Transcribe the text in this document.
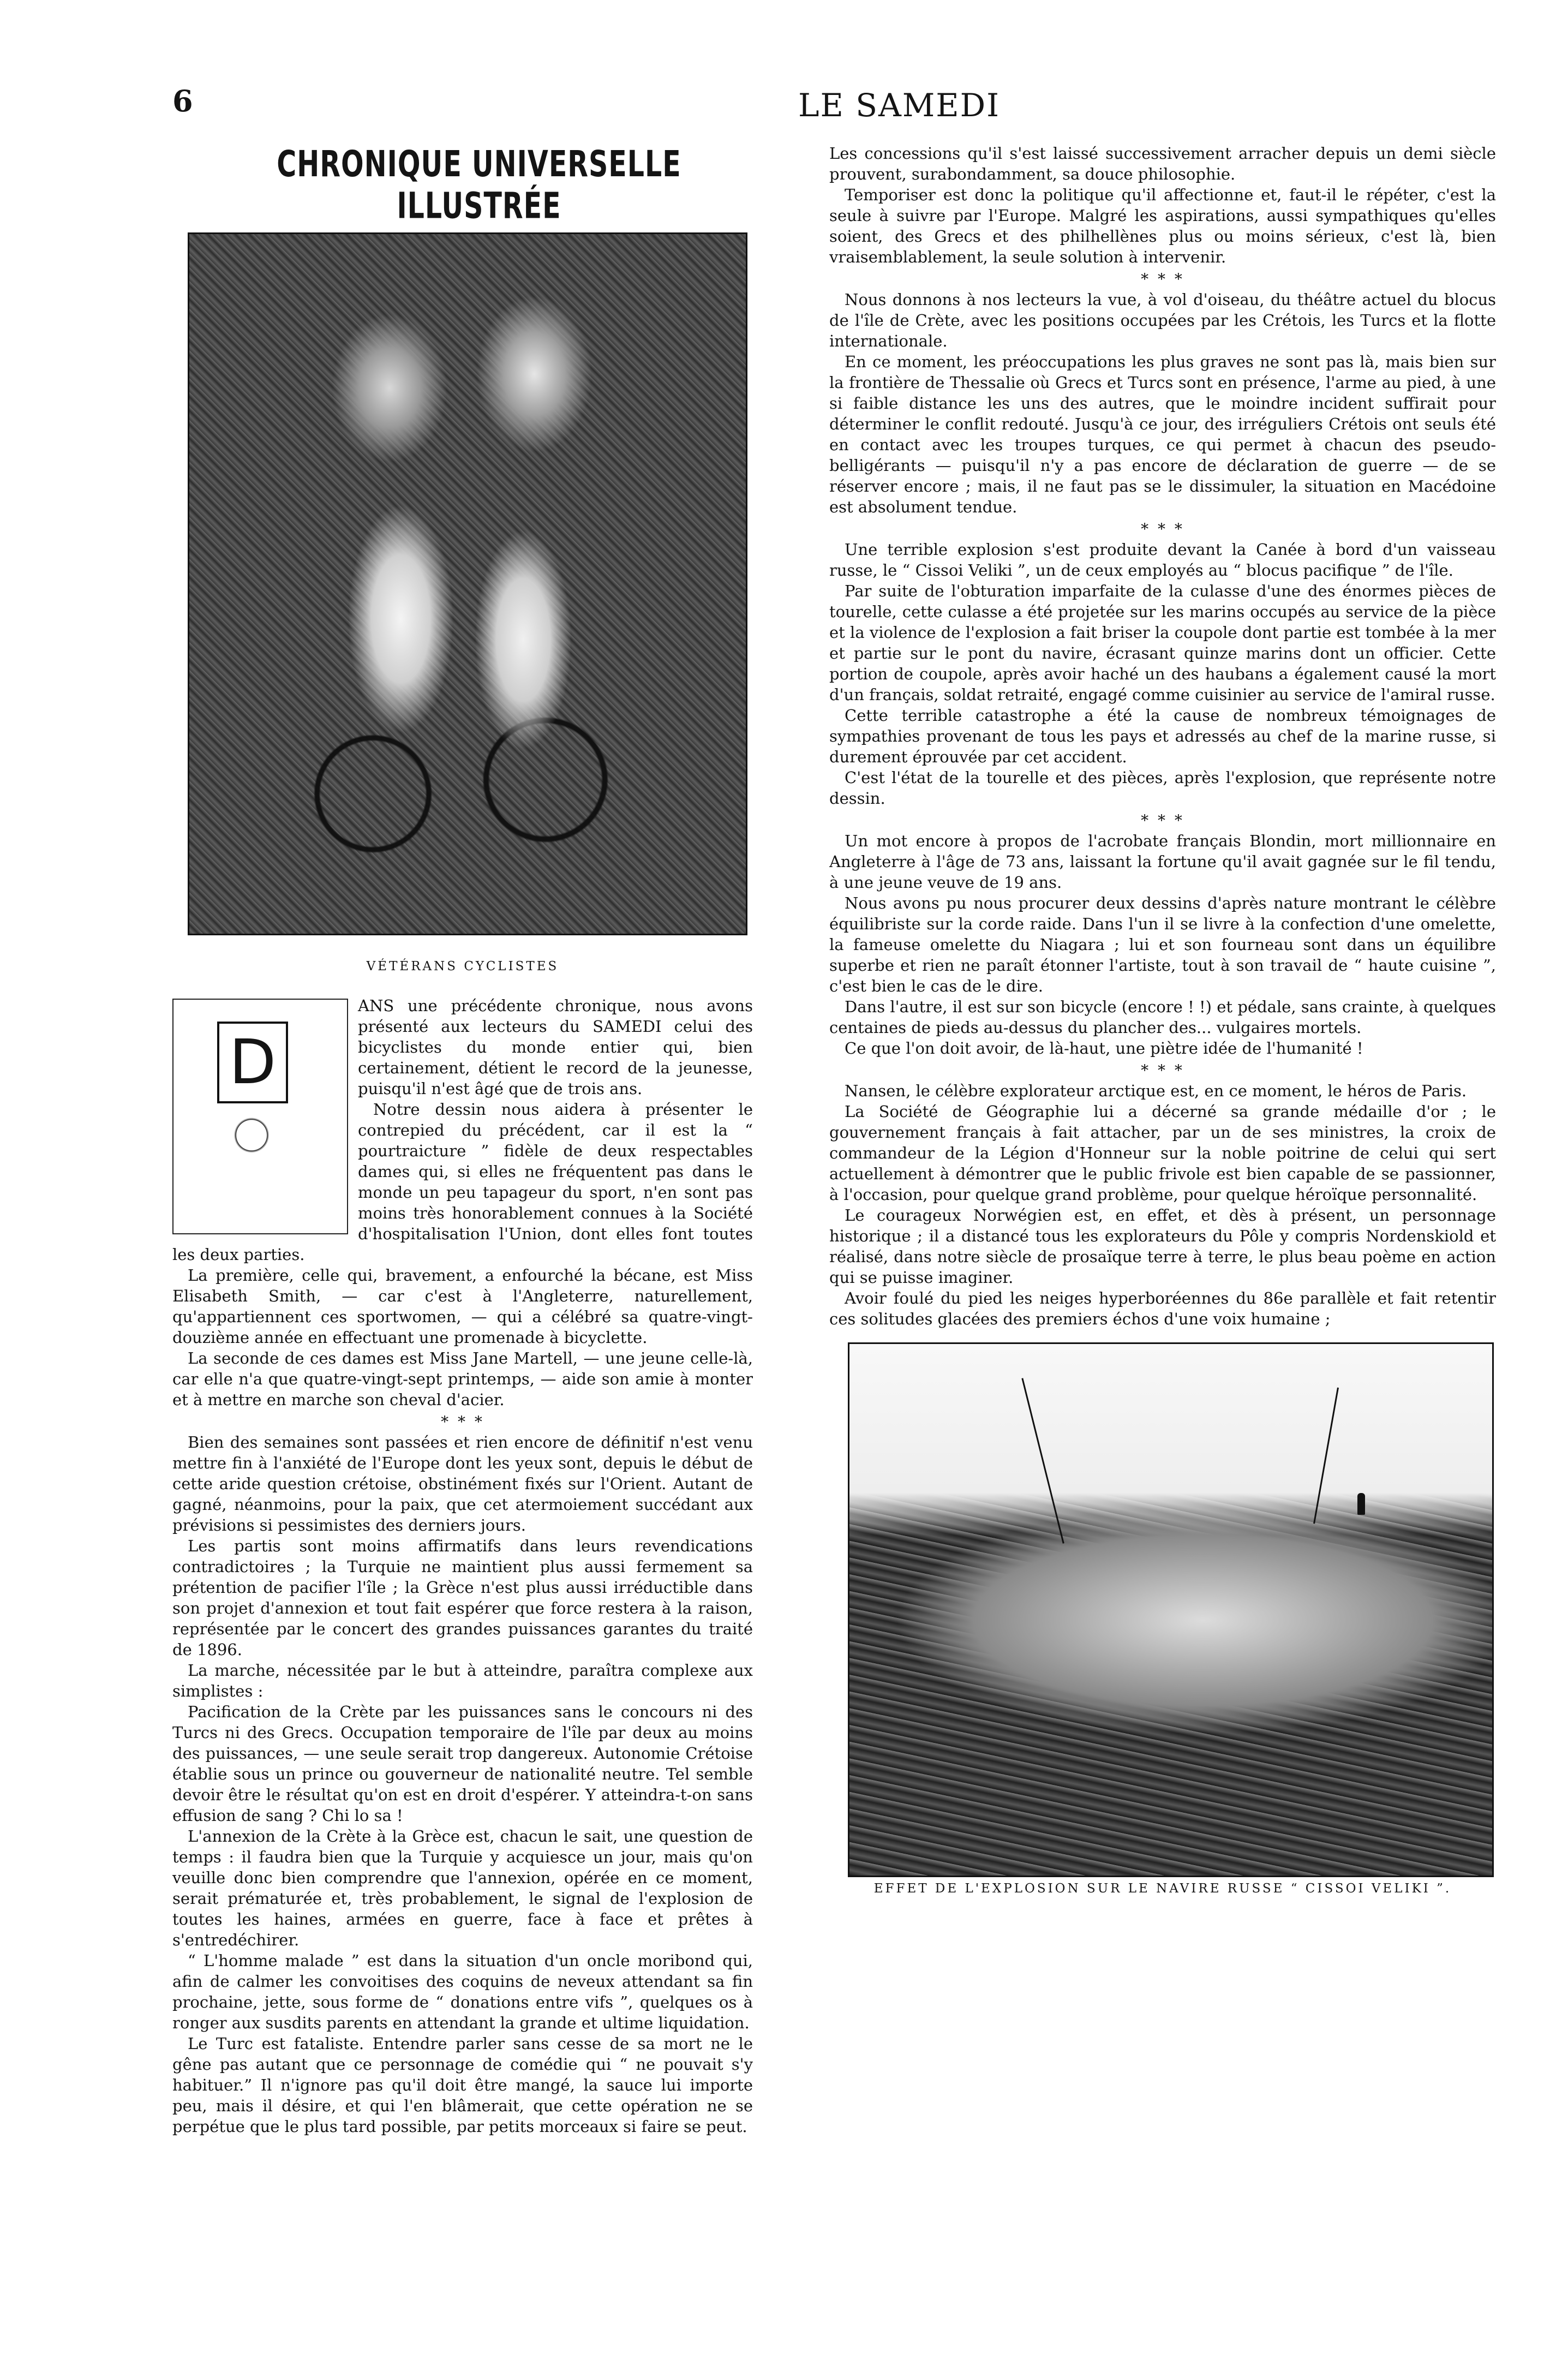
6	LE SAMEDI
CHRONIQUE UNIVERSELLE ILLUSTRÉE
VÉTÉRANS CYCLISTES
D

ANS une précédente chronique, nous avons présenté aux lecteurs du SAMEDI celui des bicyclistes du monde entier qui, bien certainement, détient le record de la jeunesse, puisqu'il n'est âgé que de trois ans.

Notre dessin nous aidera à présenter le contrepied du précédent, car il est la “ pourtraicture ” fidèle de deux respectables dames qui, si elles ne fréquentent pas dans le monde un peu tapageur du sport, n'en sont pas moins très honorablement connues à la Société d'hospitalisation l'Union, dont elles font toutes les deux parties.

La première, celle qui, bravement, a enfourché la bécane, est Miss Elisabeth Smith, — car c'est à l'Angleterre, naturellement, qu'appartiennent ces sportwomen, — qui a célébré sa quatre-vingt-douzième année en effectuant une promenade à bicyclette.

La seconde de ces dames est Miss Jane Martell, — une jeune celle-là, car elle n'a que quatre-vingt-sept printemps, — aide son amie à monter et à mettre en marche son cheval d'acier.

* * *

Bien des semaines sont passées et rien encore de définitif n'est venu mettre fin à l'anxiété de l'Europe dont les yeux sont, depuis le début de cette aride question crétoise, obstinément fixés sur l'Orient. Autant de gagné, néanmoins, pour la paix, que cet atermoiement succédant aux prévisions si pessimistes des derniers jours.

Les partis sont moins affirmatifs dans leurs revendications contradictoires ; la Turquie ne maintient plus aussi fermement sa prétention de pacifier l'île ; la Grèce n'est plus aussi irréductible dans son projet d'annexion et tout fait espérer que force restera à la raison, représentée par le concert des grandes puissances garantes du traité de 1896.

La marche, nécessitée par le but à atteindre, paraîtra complexe aux simplistes :

Pacification de la Crète par les puissances sans le concours ni des Turcs ni des Grecs. Occupation temporaire de l'île par deux au moins des puissances, — une seule serait trop dangereux. Autonomie Crétoise établie sous un prince ou gouverneur de nationalité neutre. Tel semble devoir être le résultat qu'on est en droit d'espérer. Y atteindra-t-on sans effusion de sang ? Chi lo sa !

L'annexion de la Crète à la Grèce est, chacun le sait, une question de temps : il faudra bien que la Turquie y acquiesce un jour, mais qu'on veuille donc bien comprendre que l'annexion, opérée en ce moment, serait prématurée et, très probablement, le signal de l'explosion de toutes les haines, armées en guerre, face à face et prêtes à s'entredéchirer.

“ L'homme malade ” est dans la situation d'un oncle moribond qui, afin de calmer les convoitises des coquins de neveux attendant sa fin prochaine, jette, sous forme de “ donations entre vifs ”, quelques os à ronger aux susdits parents en attendant la grande et ultime liquidation.

Le Turc est fataliste. Entendre parler sans cesse de sa mort ne le gêne pas autant que ce personnage de comédie qui “ ne pouvait s'y habituer.” Il n'ignore pas qu'il doit être mangé, la sauce lui importe peu, mais il désire, et qui l'en blâmerait, que cette opération ne se perpétue que le plus tard possible, par petits morceaux si faire se peut.

Les concessions qu'il s'est laissé successivement arracher depuis un demi siècle prouvent, surabondamment, sa douce philosophie.

Temporiser est donc la politique qu'il affectionne et, faut-il le répéter, c'est la seule à suivre par l'Europe. Malgré les aspirations, aussi sympathiques qu'elles soient, des Grecs et des philhellènes plus ou moins sérieux, c'est là, bien vraisemblablement, la seule solution à intervenir.

* * *

Nous donnons à nos lecteurs la vue, à vol d'oiseau, du théâtre actuel du blocus de l'île de Crète, avec les positions occupées par les Crétois, les Turcs et la flotte internationale.

En ce moment, les préoccupations les plus graves ne sont pas là, mais bien sur la frontière de Thessalie où Grecs et Turcs sont en présence, l'arme au pied, à une si faible distance les uns des autres, que le moindre incident suffirait pour déterminer le conflit redouté. Jusqu'à ce jour, des irréguliers Crétois ont seuls été en contact avec les troupes turques, ce qui permet à chacun des pseudo-belligérants — puisqu'il n'y a pas encore de déclaration de guerre — de se réserver encore ; mais, il ne faut pas se le dissimuler, la situation en Macédoine est absolument tendue.

* * *

Une terrible explosion s'est produite devant la Canée à bord d'un vaisseau russe, le “ Cissoi Veliki ”, un de ceux employés au “ blocus pacifique ” de l'île.

Par suite de l'obturation imparfaite de la culasse d'une des énormes pièces de tourelle, cette culasse a été projetée sur les marins occupés au service de la pièce et la violence de l'explosion a fait briser la coupole dont partie est tombée à la mer et partie sur le pont du navire, écrasant quinze marins dont un officier. Cette portion de coupole, après avoir haché un des haubans a également causé la mort d'un français, soldat retraité, engagé comme cuisinier au service de l'amiral russe.

Cette terrible catastrophe a été la cause de nombreux témoignages de sympathies provenant de tous les pays et adressés au chef de la marine russe, si durement éprouvée par cet accident.

C'est l'état de la tourelle et des pièces, après l'explosion, que représente notre dessin.

* * *

Un mot encore à propos de l'acrobate français Blondin, mort millionnaire en Angleterre à l'âge de 73 ans, laissant la fortune qu'il avait gagnée sur le fil tendu, à une jeune veuve de 19 ans.

Nous avons pu nous procurer deux dessins d'après nature montrant le célèbre équilibriste sur la corde raide. Dans l'un il se livre à la confection d'une omelette, la fameuse omelette du Niagara ; lui et son fourneau sont dans un équilibre superbe et rien ne paraît étonner l'artiste, tout à son travail de “ haute cuisine ”, c'est bien le cas de le dire.

Dans l'autre, il est sur son bicycle (encore ! !) et pédale, sans crainte, à quelques centaines de pieds au-dessus du plancher des... vulgaires mortels.

Ce que l'on doit avoir, de là-haut, une piètre idée de l'humanité !

* * *

Nansen, le célèbre explorateur arctique est, en ce moment, le héros de Paris.

La Société de Géographie lui a décerné sa grande médaille d'or ; le gouvernement français à fait attacher, par un de ses ministres, la croix de commandeur de la Légion d'Honneur sur la noble poitrine de celui qui sert actuellement à démontrer que le public frivole est bien capable de se passionner, à l'occasion, pour quelque grand problème, pour quelque héroïque personnalité.

Le courageux Norwégien est, en effet, et dès à présent, un personnage historique ; il a distancé tous les explorateurs du Pôle y compris Nordenskiold et réalisé, dans notre siècle de prosaïque terre à terre, le plus beau poème en action qui se puisse imaginer.

Avoir foulé du pied les neiges hyperboréennes du 86e parallèle et fait retentir ces solitudes glacées des premiers échos d'une voix humaine ;

EFFET DE L'EXPLOSION SUR LE NAVIRE RUSSE “ CISSOI VELIKI ”.
